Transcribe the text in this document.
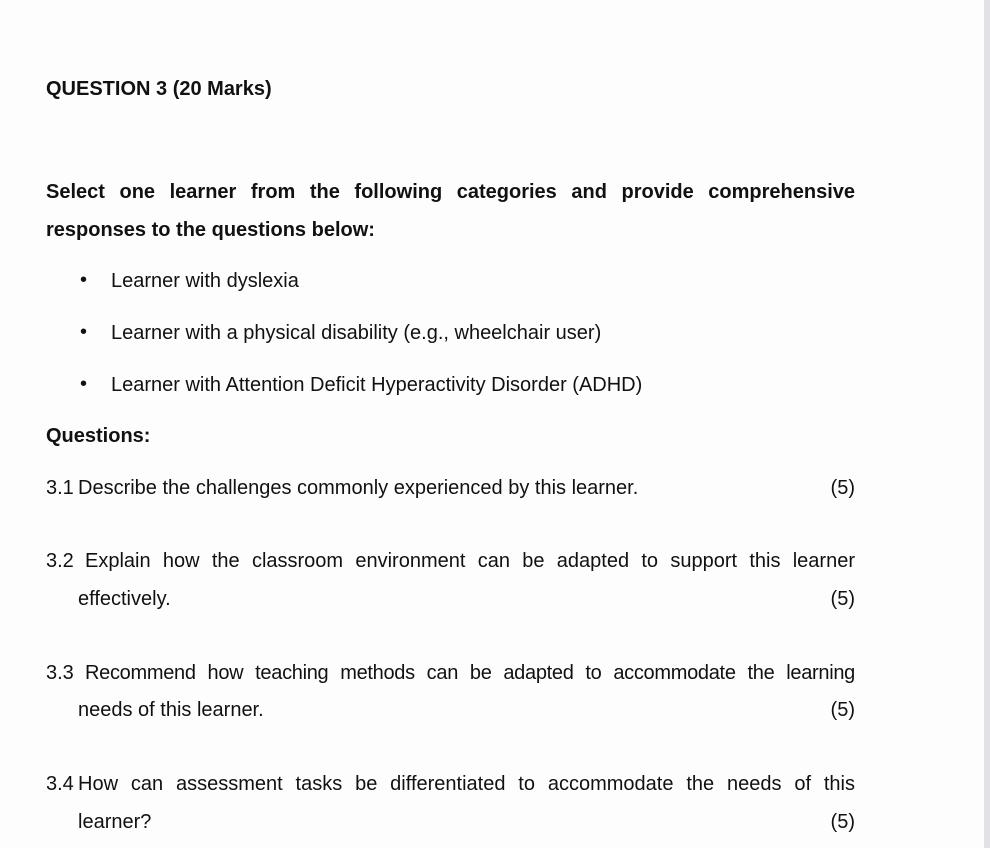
QUESTION 3 (20 Marks)
Select one learner from the following categories and provide comprehensive
responses to the questions below:
• Learner with dyslexia
• Learner with a physical disability (e.g., wheelchair user)
• Learner with Attention Deficit Hyperactivity Disorder (ADHD)
Questions:
3.1 Describe the challenges commonly experienced by this learner.	(5)
3.2 Explain how the classroom environment can be adapted to support this learner
effectively.	(5)
3.3 Recommend how teaching methods can be adapted to accommodate the learning
needs of this learner.	(5)
3.4 How can assessment tasks be differentiated to accommodate the needs of this
learner?	(5)
